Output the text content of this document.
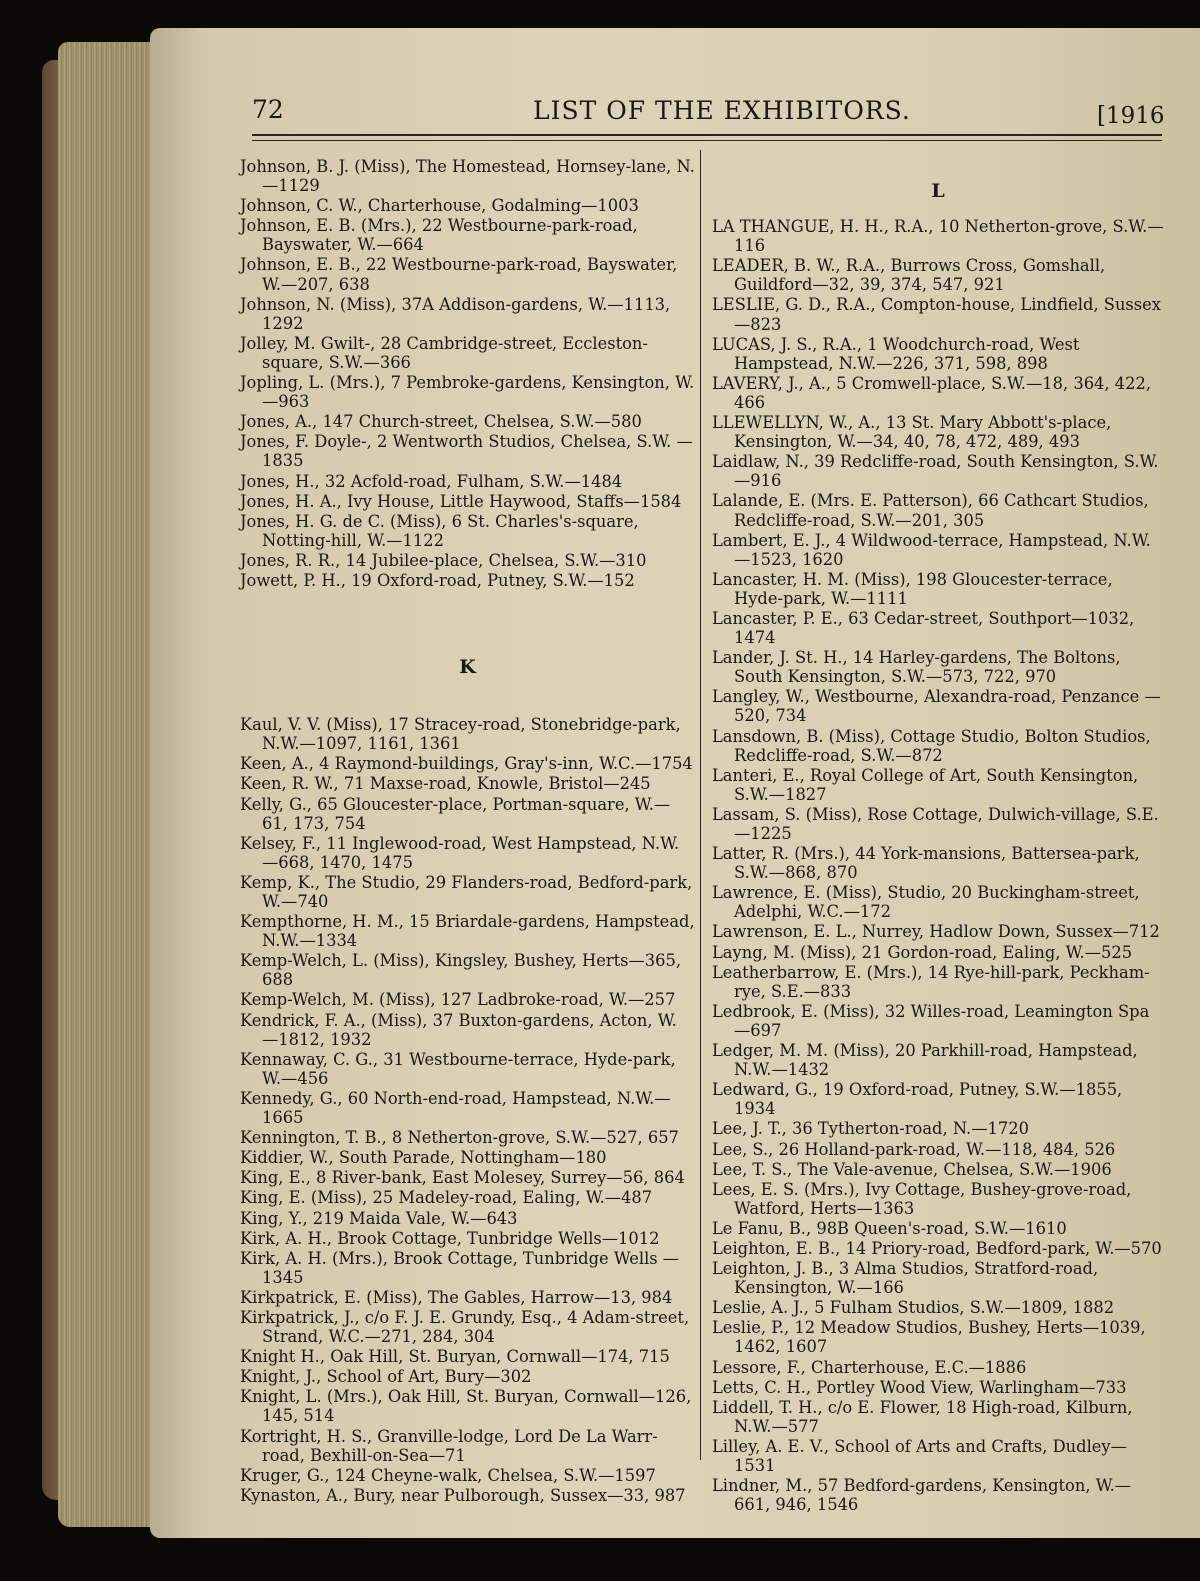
72	LIST OF THE EXHIBITORS.	[1916
Johnson, B. J. (Miss), The Homestead, Hornsey-lane, N.—1129
Johnson, C. W., Charterhouse, Godalming—1003
Johnson, E. B. (Mrs.), 22 Westbourne-park-road, Bayswater, W.—664
Johnson, E. B., 22 Westbourne-park-road, Bayswater, W.—207, 638
Johnson, N. (Miss), 37A Addison-gardens, W.—1113, 1292
Jolley, M. Gwilt-, 28 Cambridge-street, Eccleston-square, S.W.—366
Jopling, L. (Mrs.), 7 Pembroke-gardens, Kensington, W.—963
Jones, A., 147 Church-street, Chelsea, S.W.—580
Jones, F. Doyle-, 2 Wentworth Studios, Chelsea, S.W. —1835
Jones, H., 32 Acfold-road, Fulham, S.W.—1484
Jones, H. A., Ivy House, Little Haywood, Staffs—1584
Jones, H. G. de C. (Miss), 6 St. Charles's-square, Notting-hill, W.—1122
Jones, R. R., 14 Jubilee-place, Chelsea, S.W.—310
Jowett, P. H., 19 Oxford-road, Putney, S.W.—152
K
Kaul, V. V. (Miss), 17 Stracey-road, Stonebridge-park, N.W.—1097, 1161, 1361
Keen, A., 4 Raymond-buildings, Gray's-inn, W.C.—1754
Keen, R. W., 71 Maxse-road, Knowle, Bristol—245
Kelly, G., 65 Gloucester-place, Portman-square, W.—61, 173, 754
Kelsey, F., 11 Inglewood-road, West Hampstead, N.W. —668, 1470, 1475
Kemp, K., The Studio, 29 Flanders-road, Bedford-park, W.—740
Kempthorne, H. M., 15 Briardale-gardens, Hampstead, N.W.—1334
Kemp-Welch, L. (Miss), Kingsley, Bushey, Herts—365, 688
Kemp-Welch, M. (Miss), 127 Ladbroke-road, W.—257
Kendrick, F. A., (Miss), 37 Buxton-gardens, Acton, W. —1812, 1932
Kennaway, C. G., 31 Westbourne-terrace, Hyde-park, W.—456
Kennedy, G., 60 North-end-road, Hampstead, N.W.—1665
Kennington, T. B., 8 Netherton-grove, S.W.—527, 657
Kiddier, W., South Parade, Nottingham—180
King, E., 8 River-bank, East Molesey, Surrey—56, 864
King, E. (Miss), 25 Madeley-road, Ealing, W.—487
King, Y., 219 Maida Vale, W.—643
Kirk, A. H., Brook Cottage, Tunbridge Wells—1012
Kirk, A. H. (Mrs.), Brook Cottage, Tunbridge Wells —1345
Kirkpatrick, E. (Miss), The Gables, Harrow—13, 984
Kirkpatrick, J., c/o F. J. E. Grundy, Esq., 4 Adam-street, Strand, W.C.—271, 284, 304
Knight H., Oak Hill, St. Buryan, Cornwall—174, 715
Knight, J., School of Art, Bury—302
Knight, L. (Mrs.), Oak Hill, St. Buryan, Cornwall—126, 145, 514
Kortright, H. S., Granville-lodge, Lord De La Warr-road, Bexhill-on-Sea—71
Kruger, G., 124 Cheyne-walk, Chelsea, S.W.—1597
Kynaston, A., Bury, near Pulborough, Sussex—33, 987
L
LA THANGUE, H. H., R.A., 10 Netherton-grove, S.W.—116
LEADER, B. W., R.A., Burrows Cross, Gomshall, Guildford—32, 39, 374, 547, 921
LESLIE, G. D., R.A., Compton-house, Lindfield, Sussex—823
LUCAS, J. S., R.A., 1 Woodchurch-road, West Hampstead, N.W.—226, 371, 598, 898
LAVERY, J., A., 5 Cromwell-place, S.W.—18, 364, 422, 466
LLEWELLYN, W., A., 13 St. Mary Abbott's-place, Kensington, W.—34, 40, 78, 472, 489, 493
Laidlaw, N., 39 Redcliffe-road, South Kensington, S.W. —916
Lalande, E. (Mrs. E. Patterson), 66 Cathcart Studios, Redcliffe-road, S.W.—201, 305
Lambert, E. J., 4 Wildwood-terrace, Hampstead, N.W. —1523, 1620
Lancaster, H. M. (Miss), 198 Gloucester-terrace, Hyde-park, W.—1111
Lancaster, P. E., 63 Cedar-street, Southport—1032, 1474
Lander, J. St. H., 14 Harley-gardens, The Boltons, South Kensington, S.W.—573, 722, 970
Langley, W., Westbourne, Alexandra-road, Penzance —520, 734
Lansdown, B. (Miss), Cottage Studio, Bolton Studios, Redcliffe-road, S.W.—872
Lanteri, E., Royal College of Art, South Kensington, S.W.—1827
Lassam, S. (Miss), Rose Cottage, Dulwich-village, S.E. —1225
Latter, R. (Mrs.), 44 York-mansions, Battersea-park, S.W.—868, 870
Lawrence, E. (Miss), Studio, 20 Buckingham-street, Adelphi, W.C.—172
Lawrenson, E. L., Nurrey, Hadlow Down, Sussex—712
Layng, M. (Miss), 21 Gordon-road, Ealing, W.—525
Leatherbarrow, E. (Mrs.), 14 Rye-hill-park, Peckham-rye, S.E.—833
Ledbrook, E. (Miss), 32 Willes-road, Leamington Spa —697
Ledger, M. M. (Miss), 20 Parkhill-road, Hampstead, N.W.—1432
Ledward, G., 19 Oxford-road, Putney, S.W.—1855, 1934
Lee, J. T., 36 Tytherton-road, N.—1720
Lee, S., 26 Holland-park-road, W.—118, 484, 526
Lee, T. S., The Vale-avenue, Chelsea, S.W.—1906
Lees, E. S. (Mrs.), Ivy Cottage, Bushey-grove-road, Watford, Herts—1363
Le Fanu, B., 98B Queen's-road, S.W.—1610
Leighton, E. B., 14 Priory-road, Bedford-park, W.—570
Leighton, J. B., 3 Alma Studios, Stratford-road, Kensington, W.—166
Leslie, A. J., 5 Fulham Studios, S.W.—1809, 1882
Leslie, P., 12 Meadow Studios, Bushey, Herts—1039, 1462, 1607
Lessore, F., Charterhouse, E.C.—1886
Letts, C. H., Portley Wood View, Warlingham—733
Liddell, T. H., c/o E. Flower, 18 High-road, Kilburn, N.W.—577
Lilley, A. E. V., School of Arts and Crafts, Dudley—1531
Lindner, M., 57 Bedford-gardens, Kensington, W.—661, 946, 1546
